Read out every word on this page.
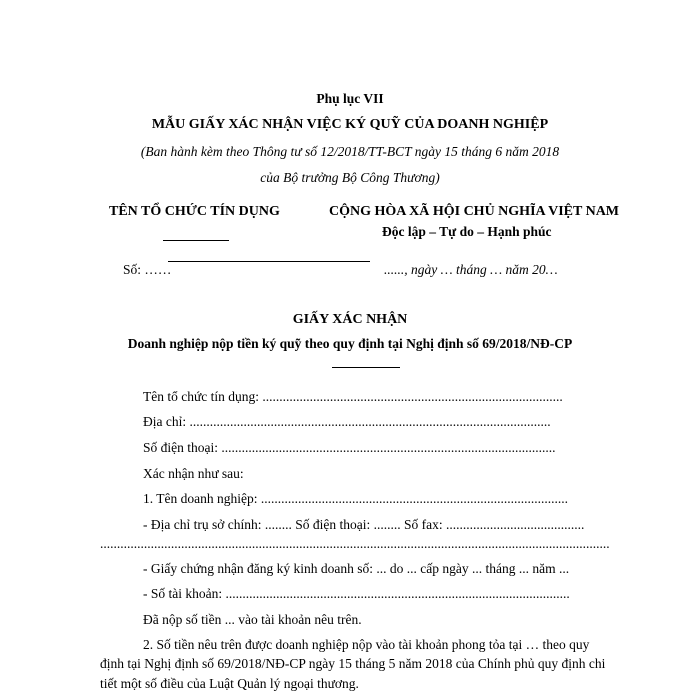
Phụ lục VII
MẪU GIẤY XÁC NHẬN VIỆC KÝ QUỸ CỦA DOANH NGHIỆP
(Ban hành kèm theo Thông tư số 12/2018/TT-BCT ngày 15 tháng 6 năm 2018
của Bộ trưởng Bộ Công Thương)
TÊN TỔ CHỨC TÍN DỤNG
Số: ……
CỘNG HÒA XÃ HỘI CHỦ NGHĨA VIỆT NAM
Độc lập – Tự do – Hạnh phúc
......, ngày … tháng … năm 20…
GIẤY XÁC NHẬN
Doanh nghiệp nộp tiền ký quỹ theo quy định tại Nghị định số 69/2018/NĐ-CP
Tên tổ chức tín dụng: .........................................................................................
Địa chỉ: ...........................................................................................................
Số điện thoại: ...................................................................................................
Xác nhận như sau:
1. Tên doanh nghiệp: ...........................................................................................
- Địa chỉ trụ sở chính: ........ Số điện thoại: ........ Số fax: .........................................
.......................................................................................................................................................
- Giấy chứng nhận đăng ký kinh doanh số: ... do ... cấp ngày ... tháng ... năm ...
- Số tài khoản: ......................................................................................................
Đã nộp số tiền ... vào tài khoản nêu trên.
2. Số tiền nêu trên được doanh nghiệp nộp vào tài khoản phong tỏa tại … theo quy
định tại Nghị định số 69/2018/NĐ-CP ngày 15 tháng 5 năm 2018 của Chính phủ quy định chi
tiết một số điều của Luật Quản lý ngoại thương.
